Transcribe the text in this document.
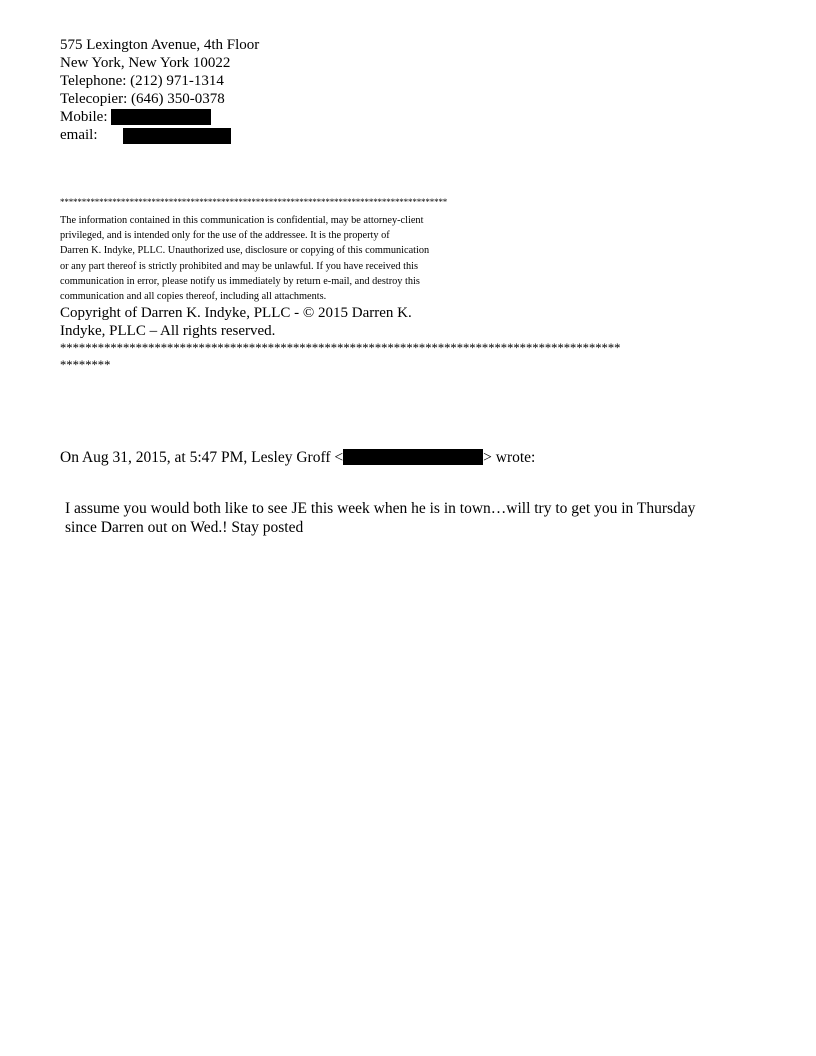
575 Lexington Avenue, 4th Floor
New York, New York 10022
Telephone: (212) 971-1314
Telecopier: (646) 350-0378
Mobile:
email:
*****************************************************************************************
The information contained in this communication is confidential, may be attorney-client
privileged, and is intended only for the use of the addressee. It is the property of
Darren K. Indyke, PLLC. Unauthorized use, disclosure or copying of this communication
or any part thereof is strictly prohibited and may be unlawful. If you have received this
communication in error, please notify us immediately by return e-mail, and destroy this
communication and all copies thereof, including all attachments.
Copyright of Darren K. Indyke, PLLC - © 2015 Darren K.
Indyke, PLLC – All rights reserved.
*****************************************************************************************
********
On Aug 31, 2015, at 5:47 PM, Lesley Groff <	> wrote:
I assume you would both like to see JE this week when he is in town…will try to get you in Thursday
since Darren out on Wed.! Stay posted
